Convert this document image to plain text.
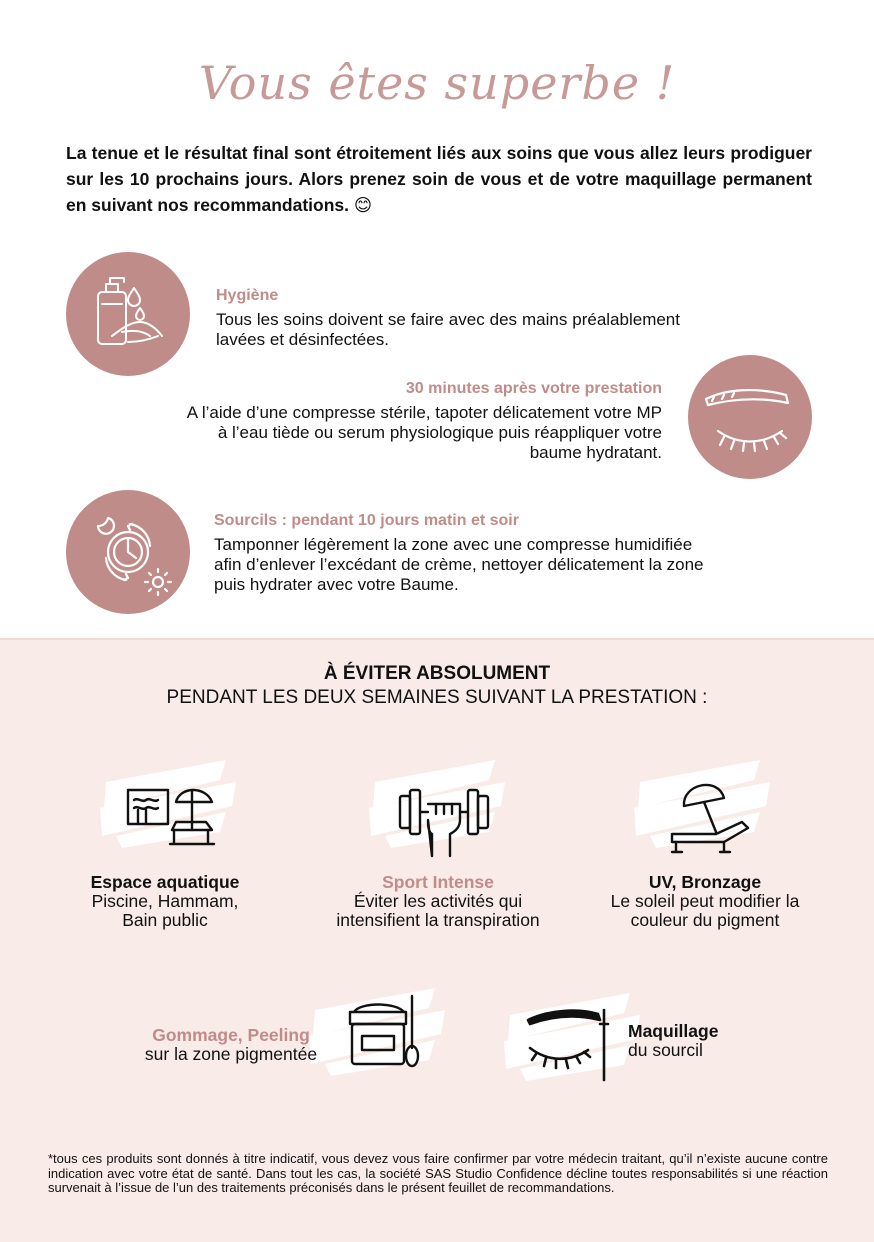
Vous êtes superbe !
La tenue et le résultat final sont étroitement liés aux soins que vous allez leurs prodiguer sur les 10 prochains jours. Alors prenez soin de vous et de votre maquillage permanent en suivant nos recommandations. 😊
Hygiène
Tous les soins doivent se faire avec des mains préalablement lavées et désinfectées.
30 minutes après votre prestation
A l’aide d’une compresse stérile, tapoter délicatement votre MP à l’eau tiède ou serum physiologique puis réappliquer votre baume hydratant.
Sourcils : pendant 10 jours matin et soir
Tamponner légèrement la zone avec une compresse humidifiée afin d’enlever l’excédant de crème, nettoyer délicatement la zone puis hydrater avec votre Baume.
À ÉVITER ABSOLUMENT
PENDANT LES DEUX SEMAINES SUIVANT LA PRESTATION :
Espace aquatique
Piscine, Hammam, Bain public
Sport Intense
Éviter les activités qui intensifient la transpiration
UV, Bronzage
Le soleil peut modifier la couleur du pigment
Gommage, Peeling
sur la zone pigmentée
Maquillage
du sourcil
*tous ces produits sont donnés à titre indicatif, vous devez vous faire confirmer par votre médecin traitant, qu’il n’existe aucune contre indication avec votre état de santé. Dans tout les cas, la société SAS Studio Confidence décline toutes responsabilités si une réaction survenait à l’issue de l’un des traitements préconisés dans le présent feuillet de recommandations.
